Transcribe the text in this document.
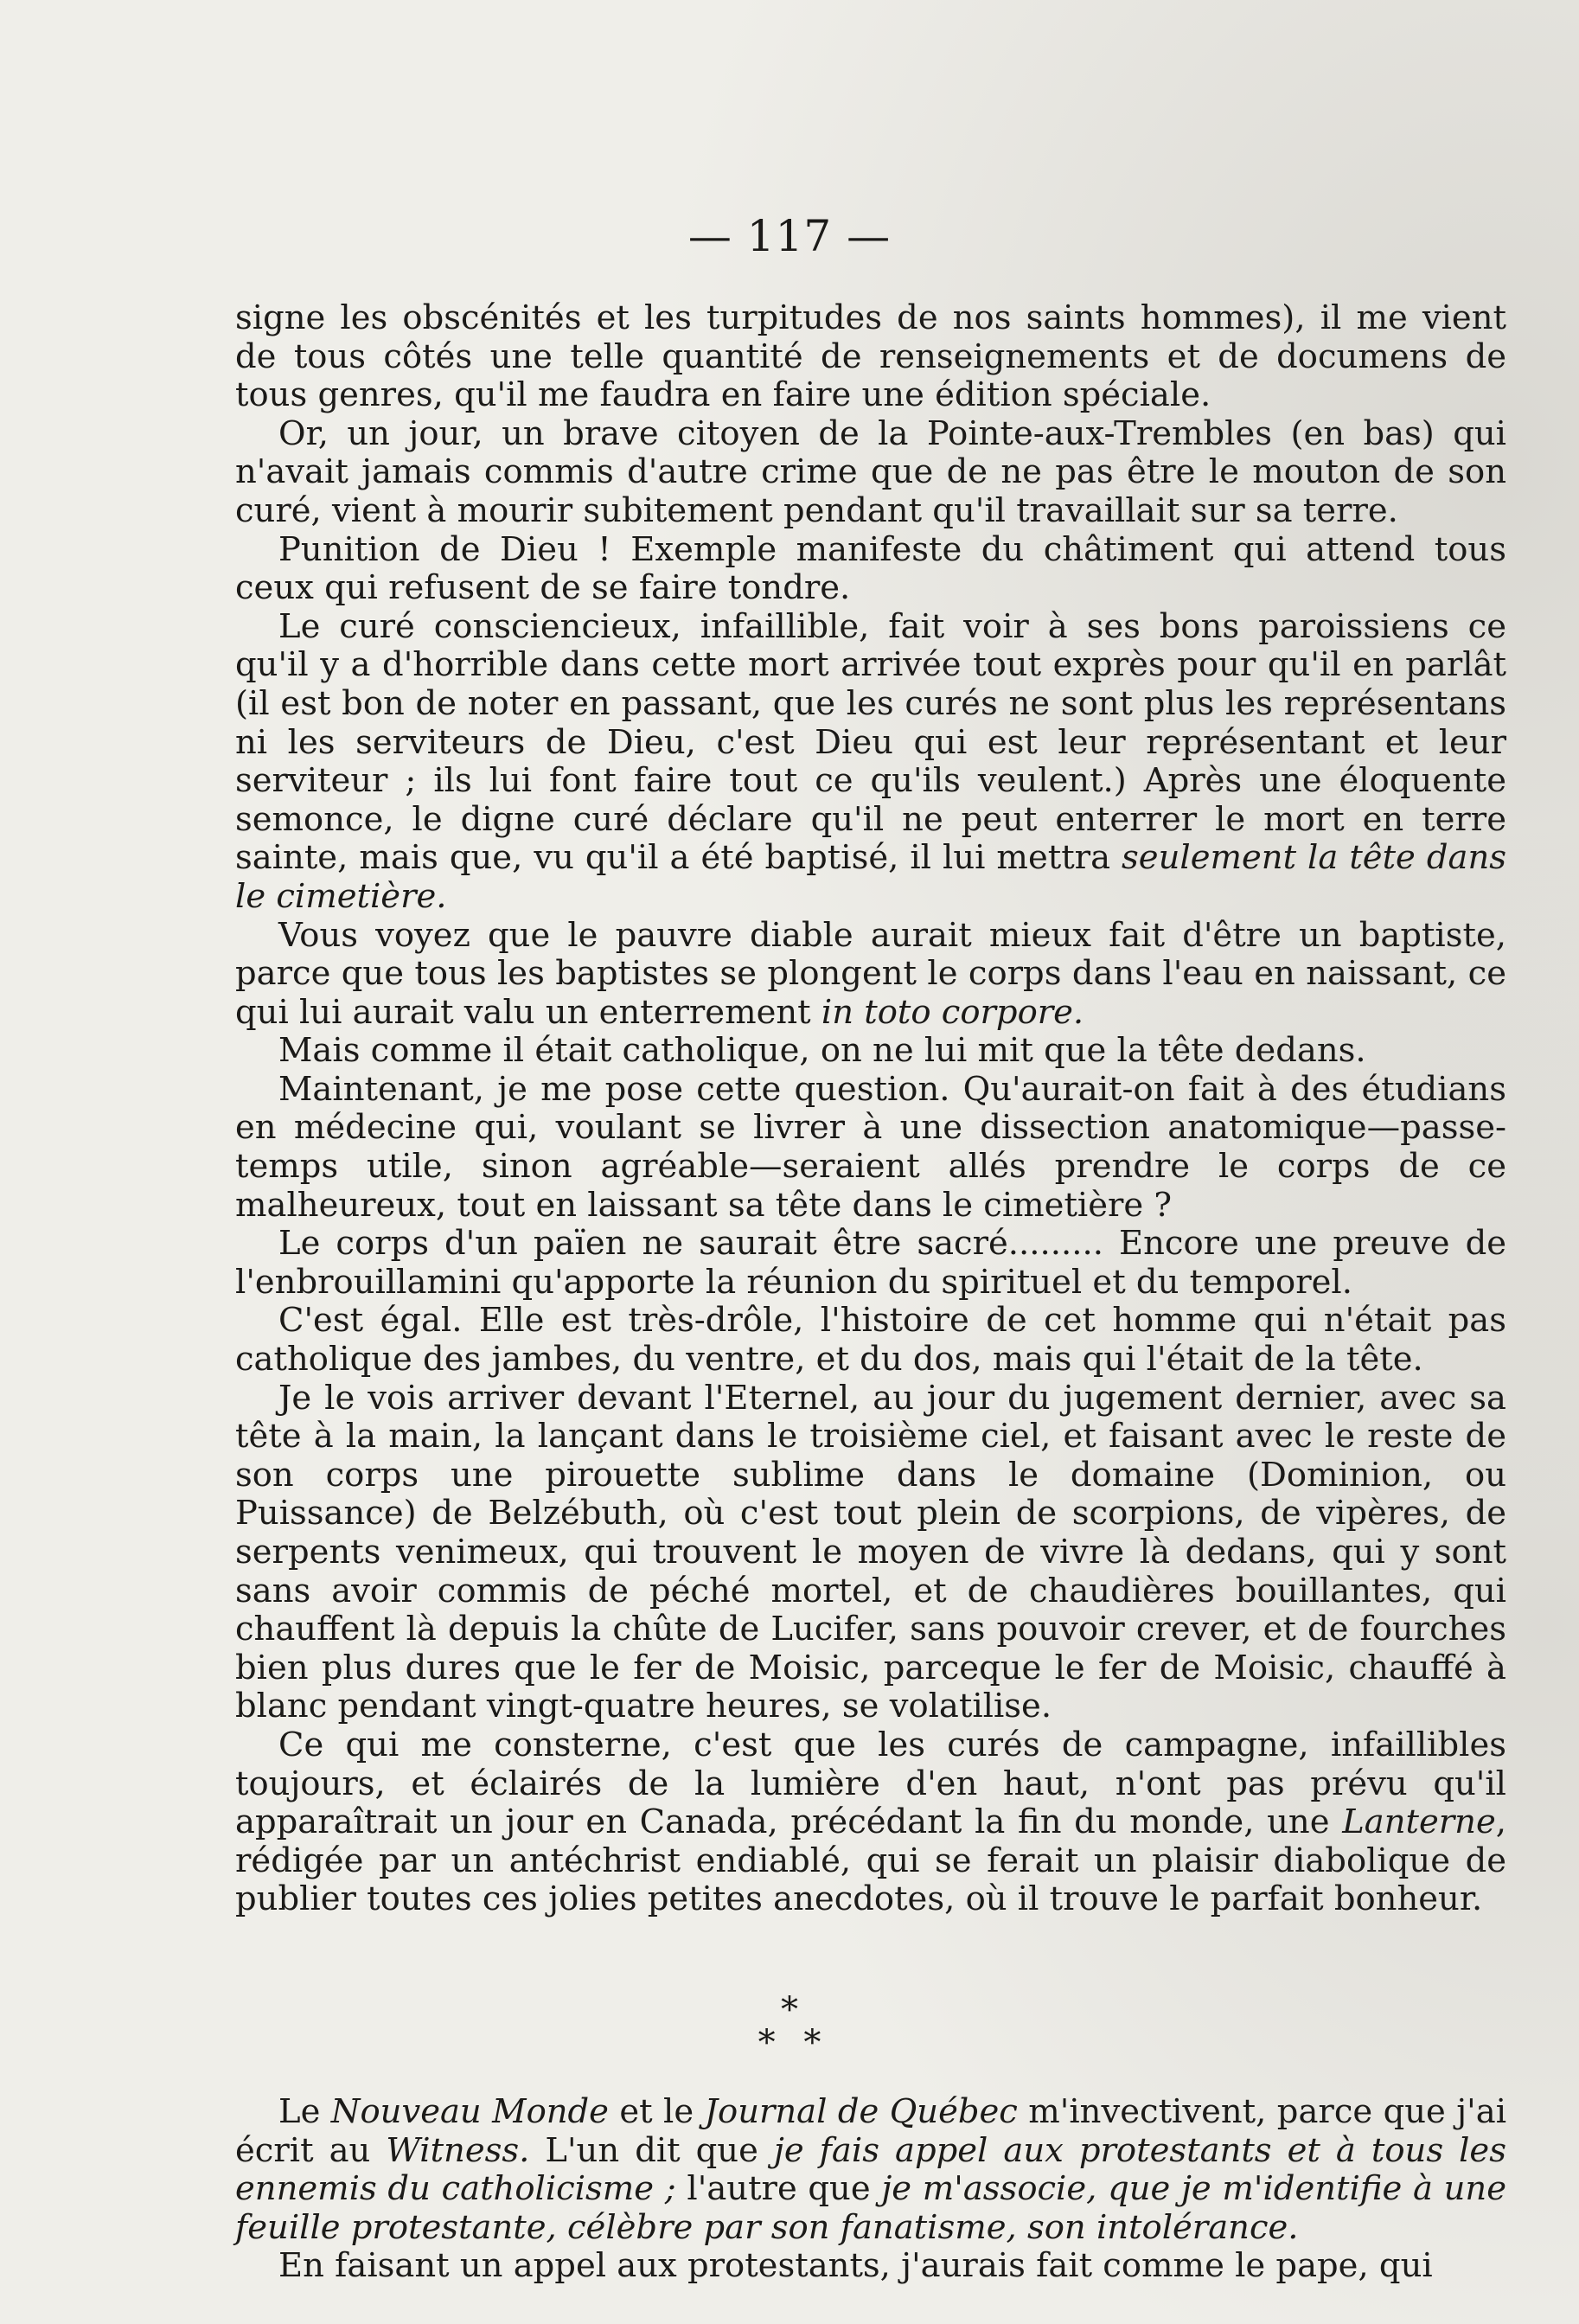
— 117 —

signe les obscénités et les turpitudes de nos saints hommes), il me vient de tous côtés une telle quantité de renseignements et de documens de tous genres, qu'il me faudra en faire une édition spéciale.

Or, un jour, un brave citoyen de la Pointe-aux-Trembles (en bas) qui n'avait jamais commis d'autre crime que de ne pas être le mouton de son curé, vient à mourir subitement pendant qu'il travaillait sur sa terre.

Punition de Dieu ! Exemple manifeste du châtiment qui attend tous ceux qui refusent de se faire tondre.

Le curé consciencieux, infaillible, fait voir à ses bons paroissiens ce qu'il y a d'horrible dans cette mort arrivée tout exprès pour qu'il en parlât (il est bon de noter en passant, que les curés ne sont plus les représentans ni les serviteurs de Dieu, c'est Dieu qui est leur représentant et leur serviteur ; ils lui font faire tout ce qu'ils veulent.) Après une éloquente semonce, le digne curé déclare qu'il ne peut enterrer le mort en terre sainte, mais que, vu qu'il a été baptisé, il lui mettra seulement la tête dans le cimetière.

Vous voyez que le pauvre diable aurait mieux fait d'être un baptiste, parce que tous les baptistes se plongent le corps dans l'eau en naissant, ce qui lui aurait valu un enterrement in toto corpore.

Mais comme il était catholique, on ne lui mit que la tête dedans.

Maintenant, je me pose cette question. Qu'aurait-on fait à des étudians en médecine qui, voulant se livrer à une dissection anatomique—passe-temps utile, sinon agréable—seraient allés prendre le corps de ce malheureux, tout en laissant sa tête dans le cimetière ?

Le corps d'un païen ne saurait être sacré......... Encore une preuve de l'enbrouillamini qu'apporte la réunion du spirituel et du temporel.

C'est égal. Elle est très-drôle, l'histoire de cet homme qui n'était pas catholique des jambes, du ventre, et du dos, mais qui l'était de la tête.

Je le vois arriver devant l'Eternel, au jour du jugement dernier, avec sa tête à la main, la lançant dans le troisième ciel, et faisant avec le reste de son corps une pirouette sublime dans le domaine (Dominion, ou Puissance) de Belzébuth, où c'est tout plein de scorpions, de vipères, de serpents venimeux, qui trouvent le moyen de vivre là dedans, qui y sont sans avoir commis de péché mortel, et de chaudières bouillantes, qui chauffent là depuis la chûte de Lucifer, sans pouvoir crever, et de fourches bien plus dures que le fer de Moisic, parceque le fer de Moisic, chauffé à blanc pendant vingt-quatre heures, se volatilise.

Ce qui me consterne, c'est que les curés de campagne, infaillibles toujours, et éclairés de la lumière d'en haut, n'ont pas prévu qu'il apparaîtrait un jour en Canada, précédant la fin du monde, une Lanterne, rédigée par un antéchrist endiablé, qui se ferait un plaisir diabolique de publier toutes ces jolies petites anecdotes, où il trouve le parfait bonheur.

*
* *

Le Nouveau Monde et le Journal de Québec m'invectivent, parce que j'ai écrit au Witness. L'un dit que je fais appel aux protestants et à tous les ennemis du catholicisme ; l'autre que je m'associe, que je m'identifie à une feuille protestante, célèbre par son fanatisme, son intolérance.

En faisant un appel aux protestants, j'aurais fait comme le pape, qui
